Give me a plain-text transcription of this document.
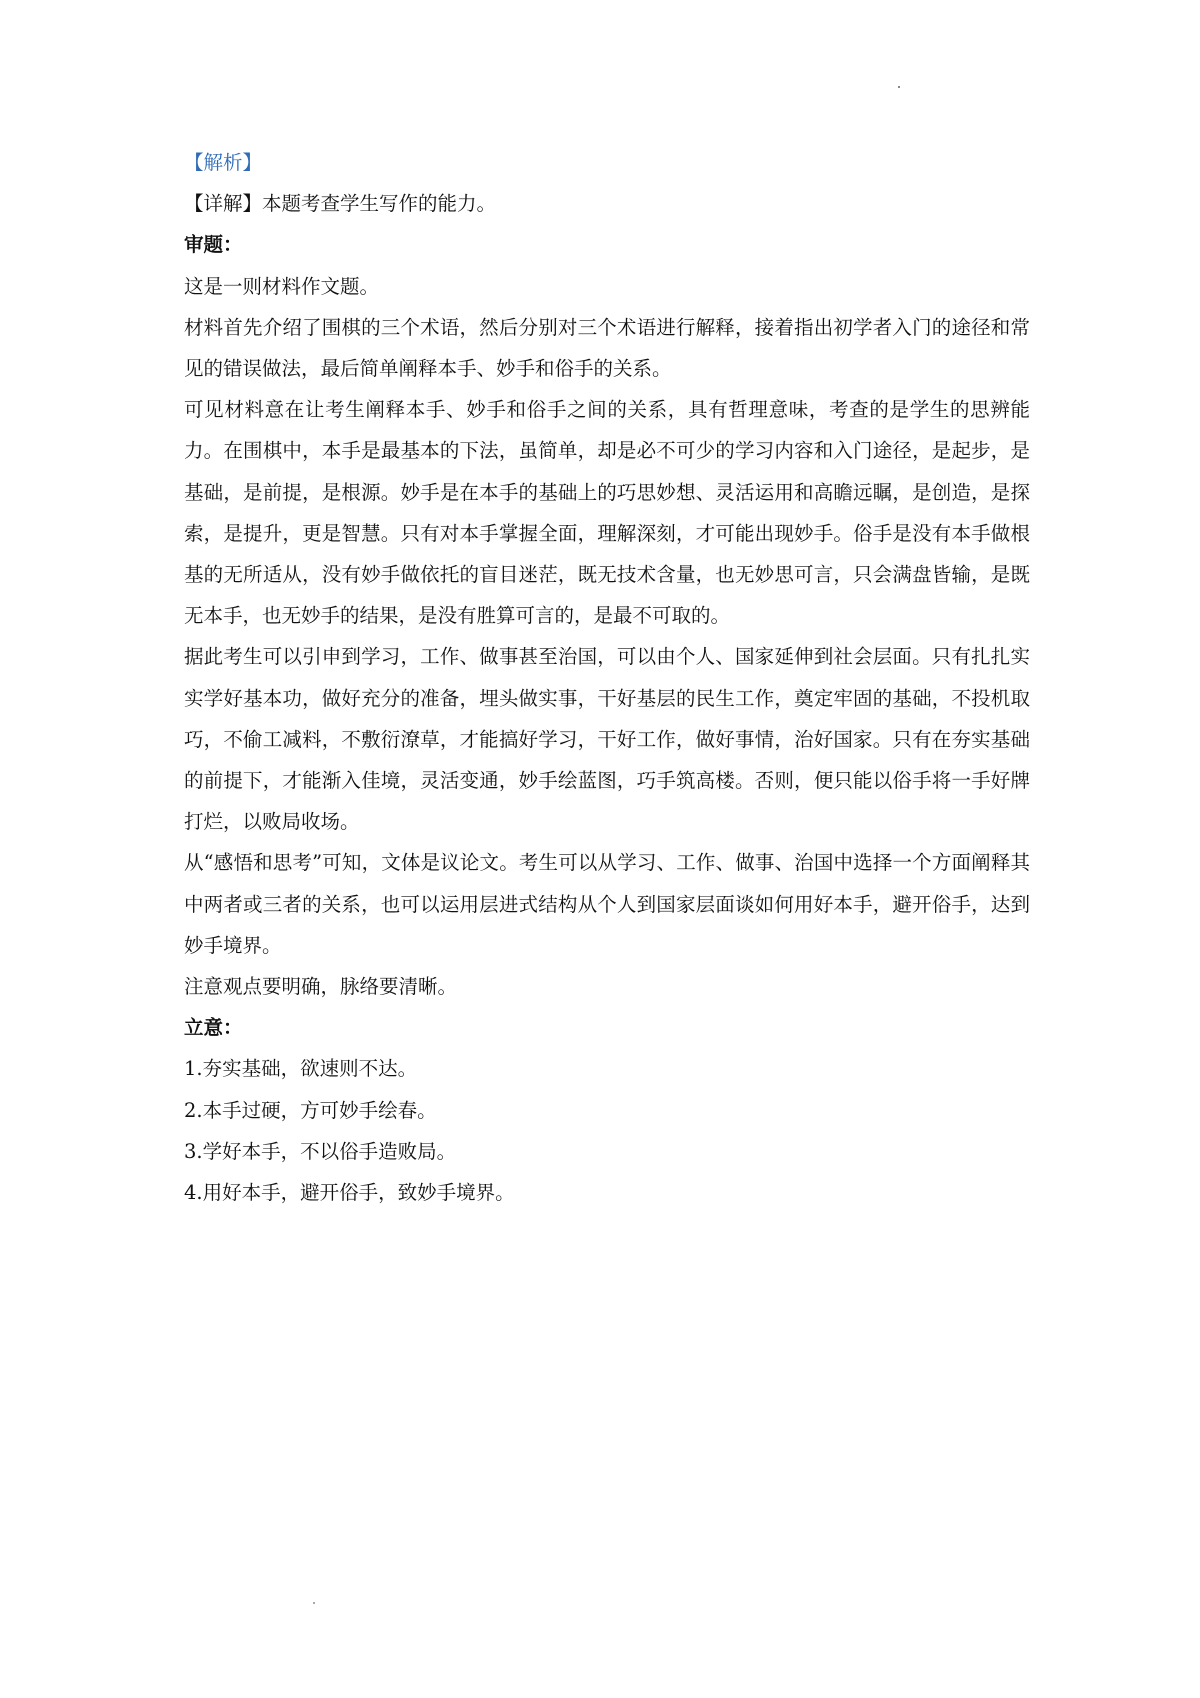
【解析】

【详解】本题考查学生写作的能力。

审题：

这是一则材料作文题。

材料首先介绍了围棋的三个术语，然后分别对三个术语进行解释，接着指出初学者入门的途径和常见的错误做法，最后简单阐释本手、妙手和俗手的关系。

可见材料意在让考生阐释本手、妙手和俗手之间的关系，具有哲理意味，考查的是学生的思辨能力。在围棋中，本手是最基本的下法，虽简单，却是必不可少的学习内容和入门途径，是起步，是基础，是前提，是根源。妙手是在本手的基础上的巧思妙想、灵活运用和高瞻远瞩，是创造，是探索，是提升，更是智慧。只有对本手掌握全面，理解深刻，才可能出现妙手。俗手是没有本手做根基的无所适从，没有妙手做依托的盲目迷茫，既无技术含量，也无妙思可言，只会满盘皆输，是既无本手，也无妙手的结果，是没有胜算可言的，是最不可取的。

据此考生可以引申到学习，工作、做事甚至治国，可以由个人、国家延伸到社会层面。只有扎扎实实学好基本功，做好充分的准备，埋头做实事，干好基层的民生工作，奠定牢固的基础，不投机取巧，不偷工减料，不敷衍潦草，才能搞好学习，干好工作，做好事情，治好国家。只有在夯实基础的前提下，才能渐入佳境，灵活变通，妙手绘蓝图，巧手筑高楼。否则，便只能以俗手将一手好牌打烂，以败局收场。

从“感悟和思考”可知，文体是议论文。考生可以从学习、工作、做事、治国中选择一个方面阐释其中两者或三者的关系，也可以运用层进式结构从个人到国家层面谈如何用好本手，避开俗手，达到妙手境界。

注意观点要明确，脉络要清晰。

立意：

1.夯实基础，欲速则不达。

2.本手过硬，方可妙手绘春。

3.学好本手，不以俗手造败局。

4.用好本手，避开俗手，致妙手境界。
